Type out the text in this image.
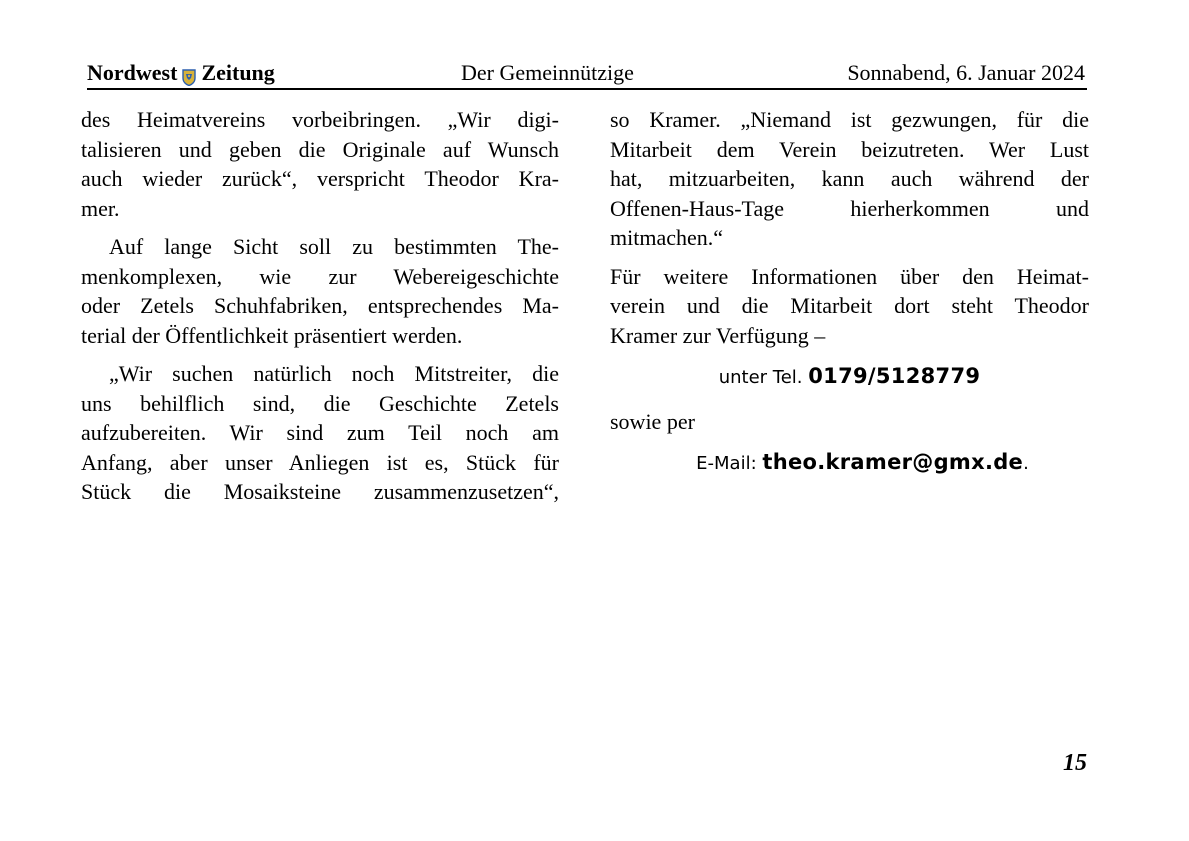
Nordwest Zeitung	Der Gemeinnützige	Sonnabend, 6. Januar 2024

des Heimatvereins vorbeibringen. „Wir digi-
talisieren und geben die Originale auf Wunsch
auch wieder zurück“, verspricht Theodor Kra-
mer.

Auf lange Sicht soll zu bestimmten The-
menkomplexen, wie zur Webereigeschichte
oder Zetels Schuhfabriken, entsprechendes Ma-
terial der Öffentlichkeit präsentiert werden.

„Wir suchen natürlich noch Mitstreiter, die
uns behilflich sind, die Geschichte Zetels
aufzubereiten. Wir sind zum Teil noch am
Anfang, aber unser Anliegen ist es, Stück für
Stück die Mosaiksteine zusammenzusetzen“,

so Kramer. „Niemand ist gezwungen, für die
Mitarbeit dem Verein beizutreten. Wer Lust
hat, mitzuarbeiten, kann auch während der
Offenen-Haus-Tage hierherkommen und
mitmachen.“

Für weitere Informationen über den Heimat-
verein und die Mitarbeit dort steht Theodor
Kramer zur Verfügung –

unter Tel. 0179/5128779
sowie per
E-Mail: theo.kramer@gmx.de.
15
